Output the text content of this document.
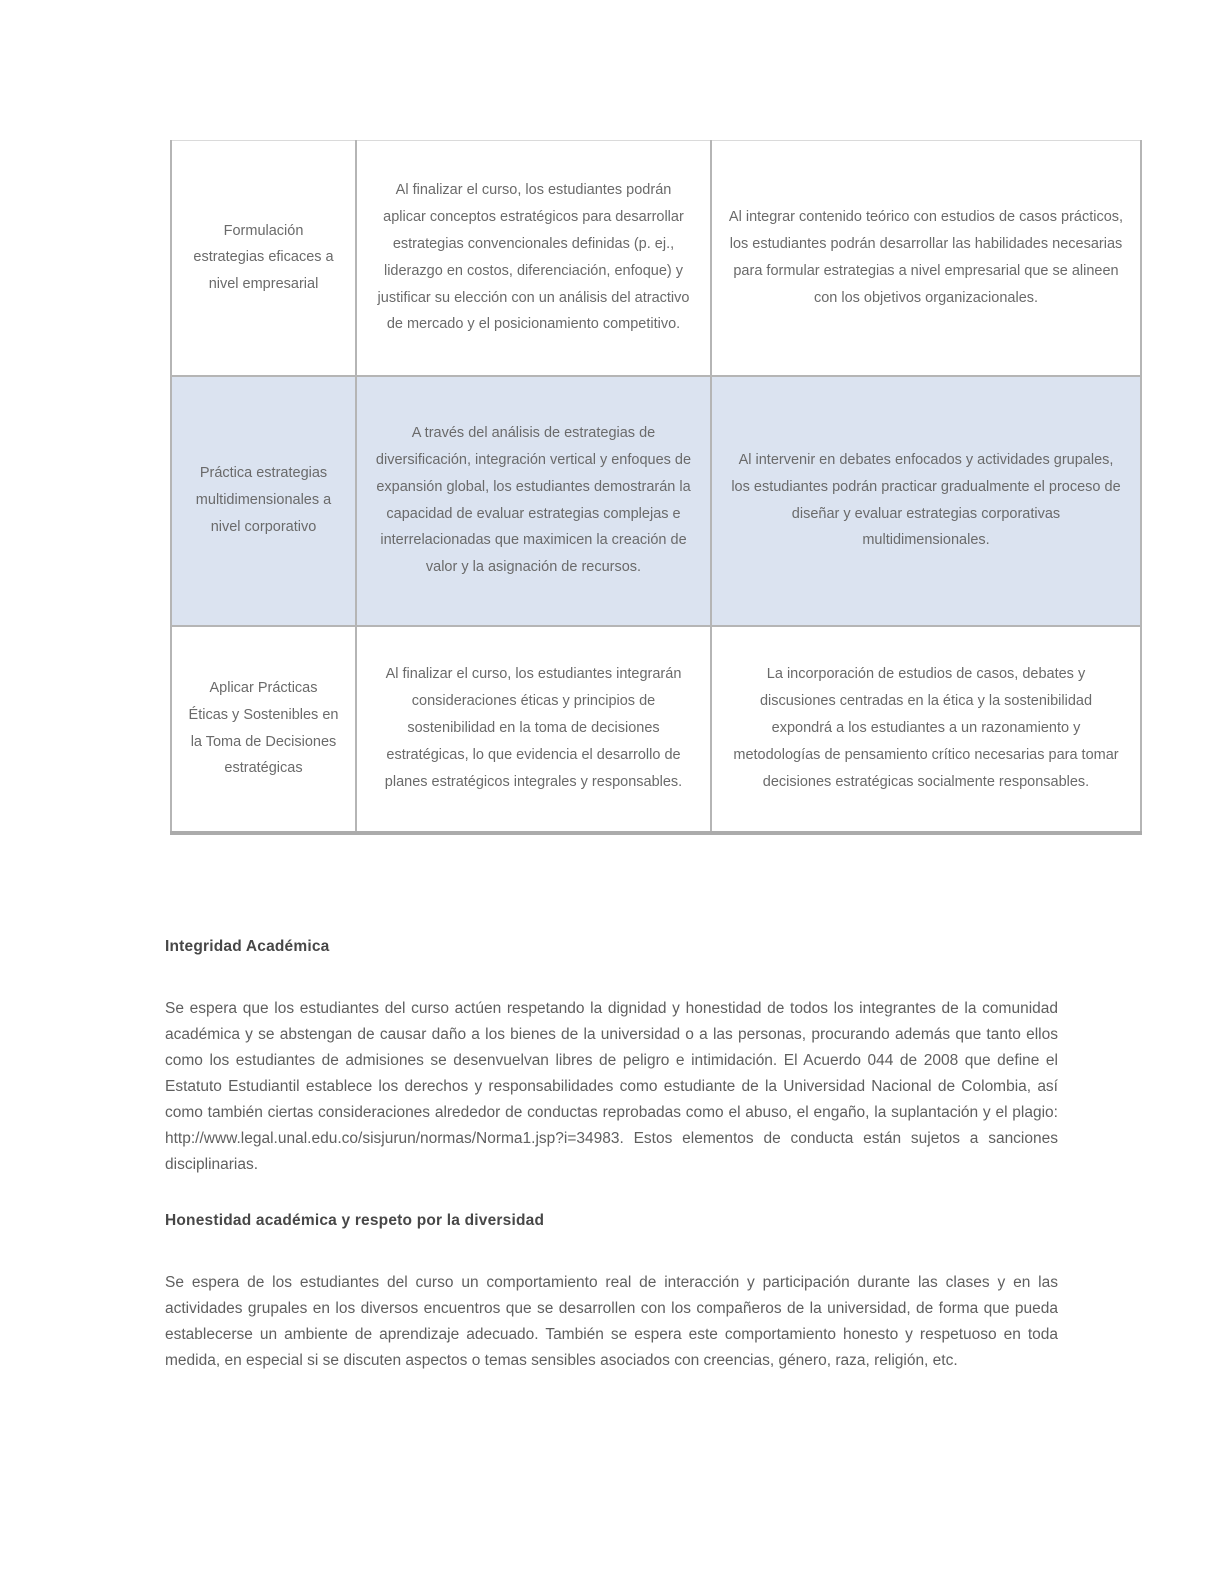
Formulación estrategias eficaces a nivel empresarial	Al finalizar el curso, los estudiantes podrán aplicar conceptos estratégicos para desarrollar estrategias convencionales definidas (p. ej., liderazgo en costos, diferenciación, enfoque) y justificar su elección con un análisis del atractivo de mercado y el posicionamiento competitivo.	Al integrar contenido teórico con estudios de casos prácticos, los estudiantes podrán desarrollar las habilidades necesarias para formular estrategias a nivel empresarial que se alineen con los objetivos organizacionales.
Práctica estrategias multidimensionales a nivel corporativo	A través del análisis de estrategias de diversificación, integración vertical y enfoques de expansión global, los estudiantes demostrarán la capacidad de evaluar estrategias complejas e interrelacionadas que maximicen la creación de valor y la asignación de recursos.	Al intervenir en debates enfocados y actividades grupales, los estudiantes podrán practicar gradualmente el proceso de diseñar y evaluar estrategias corporativas multidimensionales.
Aplicar Prácticas Éticas y Sostenibles en la Toma de Decisiones estratégicas	Al finalizar el curso, los estudiantes integrarán consideraciones éticas y principios de sostenibilidad en la toma de decisiones estratégicas, lo que evidencia el desarrollo de planes estratégicos integrales y responsables.	La incorporación de estudios de casos, debates y discusiones centradas en la ética y la sostenibilidad expondrá a los estudiantes a un razonamiento y metodologías de pensamiento crítico necesarias para tomar decisiones estratégicas socialmente responsables.
Integridad Académica

Se espera que los estudiantes del curso actúen respetando la dignidad y honestidad de todos los integrantes de la comunidad académica y se abstengan de causar daño a los bienes de la universidad o a las personas, procurando además que tanto ellos como los estudiantes de admisiones se desenvuelvan libres de peligro e intimidación. El Acuerdo 044 de 2008 que define el Estatuto Estudiantil establece los derechos y responsabilidades como estudiante de la Universidad Nacional de Colombia, así como también ciertas consideraciones alrededor de conductas reprobadas como el abuso, el engaño, la suplantación y el plagio: http://www.legal.unal.edu.co/sisjurun/normas/Norma1.jsp?i=34983. Estos elementos de conducta están sujetos a sanciones disciplinarias.

Honestidad académica y respeto por la diversidad

Se espera de los estudiantes del curso un comportamiento real de interacción y participación durante las clases y en las actividades grupales en los diversos encuentros que se desarrollen con los compañeros de la universidad, de forma que pueda establecerse un ambiente de aprendizaje adecuado. También se espera este comportamiento honesto y respetuoso en toda medida, en especial si se discuten aspectos o temas sensibles asociados con creencias, género, raza, religión, etc.
